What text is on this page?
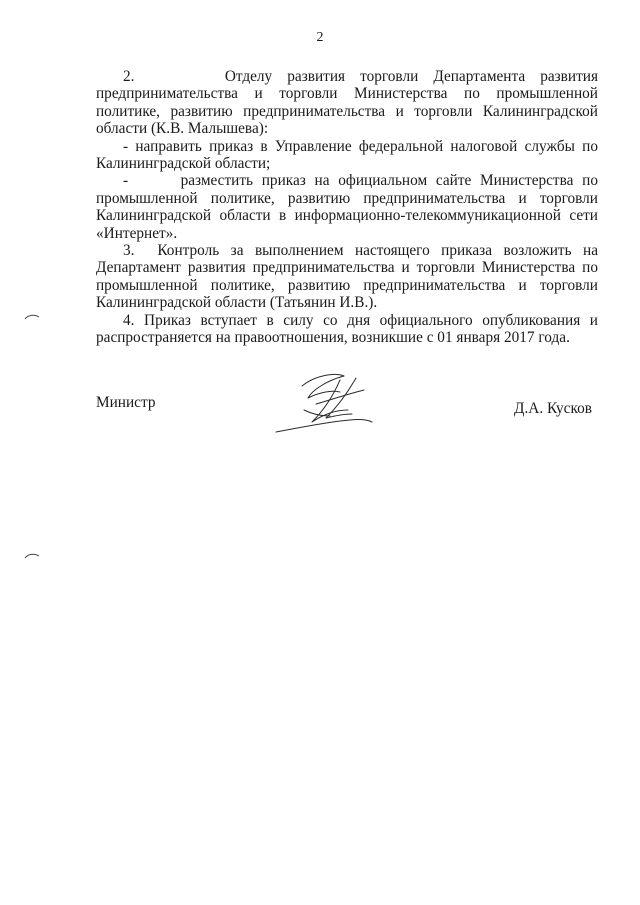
2

2.      Отделу развития торговли Департамента развития предпринимательства и торговли Министерства по промышленной политике, развитию предпринимательства и торговли Калининградской области (К.В. Малышева):

- направить приказ в Управление федеральной налоговой службы по Калининградской области;

-      разместить приказ на официальном сайте Министерства по промышленной политике, развитию предпринимательства и торговли Калининградской области в информационно-телекоммуникационной сети «Интернет».

3.  Контроль за выполнением настоящего приказа возложить на Департамент развития предпринимательства и торговли Министерства по промышленной политике, развитию предпринимательства и торговли Калининградской области (Татьянин И.В.).

4. Приказ вступает в силу со дня официального опубликования и распространяется на правоотношения, возникшие с 01 января 2017 года.

Министр	Д.А. Кусков
